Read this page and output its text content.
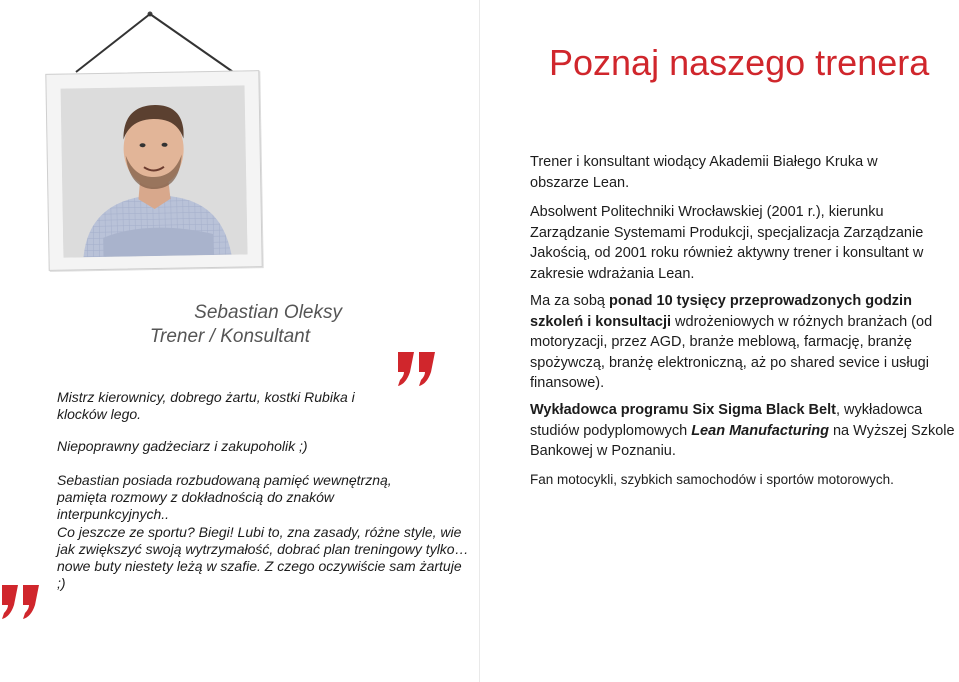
Sebastian Oleksy
Trener / Konsultant

Mistrz kierownicy, dobrego żartu, kostki Rubika i klocków lego.

Niepoprawny gadżeciarz i zakupoholik ;)

Sebastian posiada rozbudowaną pamięć wewnętrzną, pamięta rozmowy z dokładnością do znaków interpunkcyjnych..

Co jeszcze ze sportu? Biegi! Lubi to, zna zasady, różne style, wie jak zwiększyć swoją wytrzymałość, dobrać plan treningowy tylko… nowe buty niestety leżą w szafie. Z czego oczywiście sam żartuje ;)

Poznaj naszego trenera

Trener i konsultant wiodący Akademii Białego Kruka w obszarze Lean.

Absolwent Politechniki Wrocławskiej (2001 r.), kierunku Zarządzanie Systemami Produkcji, specjalizacja Zarządzanie Jakością, od 2001 roku również aktywny trener i konsultant w zakresie wdrażania Lean.

Ma za sobą ponad 10 tysięcy przeprowadzonych godzin szkoleń i konsultacji wdrożeniowych w różnych branżach (od motoryzacji, przez AGD, branże meblową, farmację, branżę spożywczą, branżę elektroniczną, aż po shared sevice i usługi finansowe).

Wykładowca programu Six Sigma Black Belt, wykładowca studiów podyplomowych Lean Manufacturing na Wyższej Szkole Bankowej w Poznaniu.

Fan motocykli, szybkich samochodów i sportów motorowych.
